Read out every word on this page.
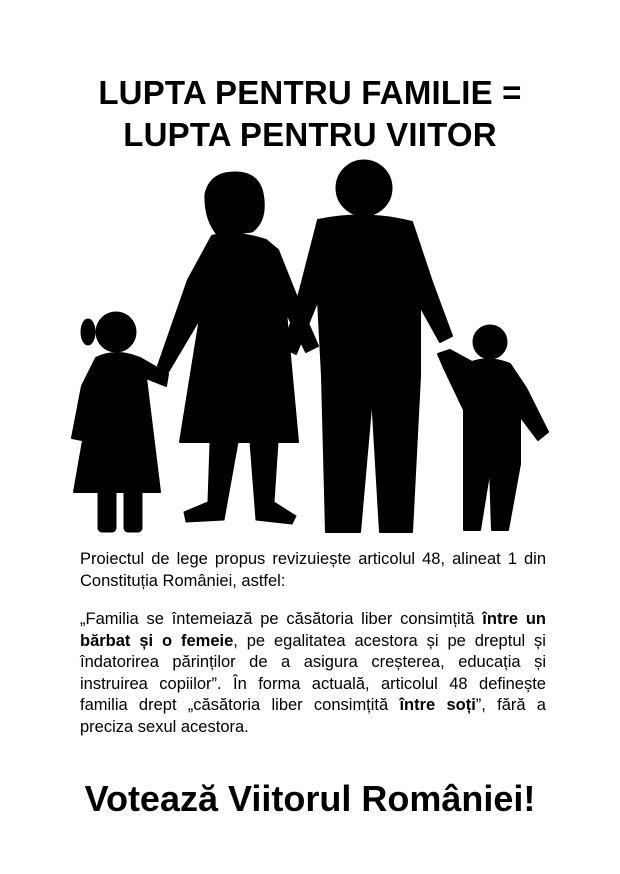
LUPTA PENTRU FAMILIE =
LUPTA PENTRU VIITOR
Proiectul de lege propus revizuiește articolul 48, alineat 1 din Constituția României, astfel:
„Familia se întemeiază pe căsătoria liber consimțită între un bărbat și o femeie, pe egalitatea acestora și pe dreptul și îndatorirea părinților de a asigura creșterea, educația și instruirea copiilor”. În forma actuală, articolul 48 definește familia drept „căsătoria liber consimțită între soți”, fără a preciza sexul acestora.
Votează Viitorul României!
